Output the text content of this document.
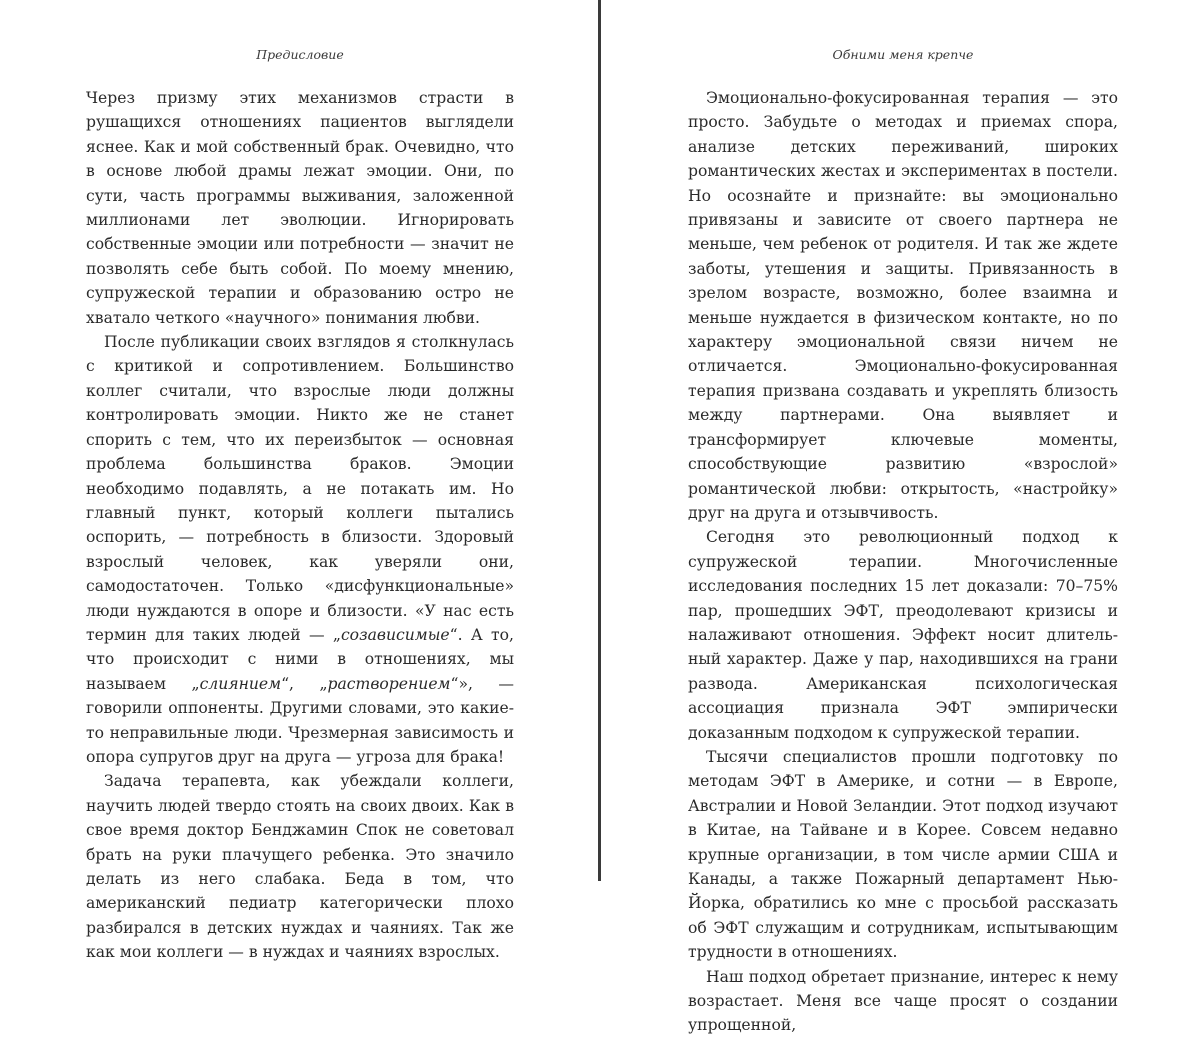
Предисловие

Через призму этих механизмов страсти в рушащихся отношениях пациентов выглядели яснее. Как и мой собственный брак. Очевидно, что в основе любой драмы лежат эмоции. Они, по сути, часть программы выживания, заложенной миллионами лет эволюции. Игнорировать собственные эмоции или потребности — значит не позволять себе быть собой. По моему мнению, супружеской терапии и образованию остро не хватало четкого «научного» понимания любви.

После публикации своих взглядов я столкнулась с критикой и сопротивлением. Большинство коллег считали, что взрослые люди должны контролировать эмоции. Никто же не станет спорить с тем, что их переизбыток — основная проблема большинства браков. Эмоции необходимо подавлять, а не потакать им. Но главный пункт, который коллеги пытались оспорить, — потребность в близости. Здоровый взрослый человек, как уверяли они, самодостаточен. Только «дисфункциональные» люди нуждаются в опоре и близости. «У нас есть термин для таких людей — „созависимые“. А то, что происходит с ними в отношениях, мы называем „слиянием“, „растворением“», — говорили оппоненты. Другими словами, это какие-то неправильные люди. Чрезмерная зависимость и опора супругов друг на друга — угроза для брака!

Задача терапевта, как убеждали коллеги, научить людей твердо стоять на своих двоих. Как в свое время доктор Бенджамин Спок не советовал брать на руки плачущего ребенка. Это значило делать из него слабака. Беда в том, что американский педиатр категорически плохо разбирался в детских нуждах и чаяниях. Так же как мои коллеги — в нуждах и чаяниях взрослых.

Обними меня крепче

Эмоционально-фокусированная терапия — это просто. Забудьте о методах и приемах спора, анализе детских переживаний, широких романтических жестах и экспериментах в постели. Но осознайте и признайте: вы эмоционально привязаны и зависите от своего партнера не меньше, чем ребенок от родителя. И так же ждете заботы, утешения и защиты. Привязанность в зрелом возрасте, возможно, более взаимна и меньше нуждается в физическом контакте, но по характеру эмоциональной связи ничем не отличается. Эмоционально-фокусированная терапия призвана создавать и укреплять близость между партнерами. Она выявляет и трансформирует ключевые моменты, способствующие развитию «взрослой» романтической любви: открытость, «настройку» друг на друга и отзывчивость.

Сегодня это революционный подход к супружеской терапии. Многочисленные исследования последних 15 лет доказали: 70–75% пар, прошедших ЭФТ, преодолевают кризисы и налаживают отношения. Эффект носит длительный характер. Даже у пар, находившихся на грани развода. Американская психологическая ассоциация признала ЭФТ эмпирически доказанным подходом к супружеской терапии.

Тысячи специалистов прошли подготовку по методам ЭФТ в Америке, и сотни — в Европе, Австралии и Новой Зеландии. Этот подход изучают в Китае, на Тайване и в Корее. Совсем недавно крупные организации, в том числе армии США и Канады, а также Пожарный департамент Нью-Йорка, обратились ко мне с просьбой рассказать об ЭФТ служащим и сотрудникам, испытывающим трудности в отношениях.

Наш подход обретает признание, интерес к нему возрастает. Меня все чаще просят о создании упрощенной,
